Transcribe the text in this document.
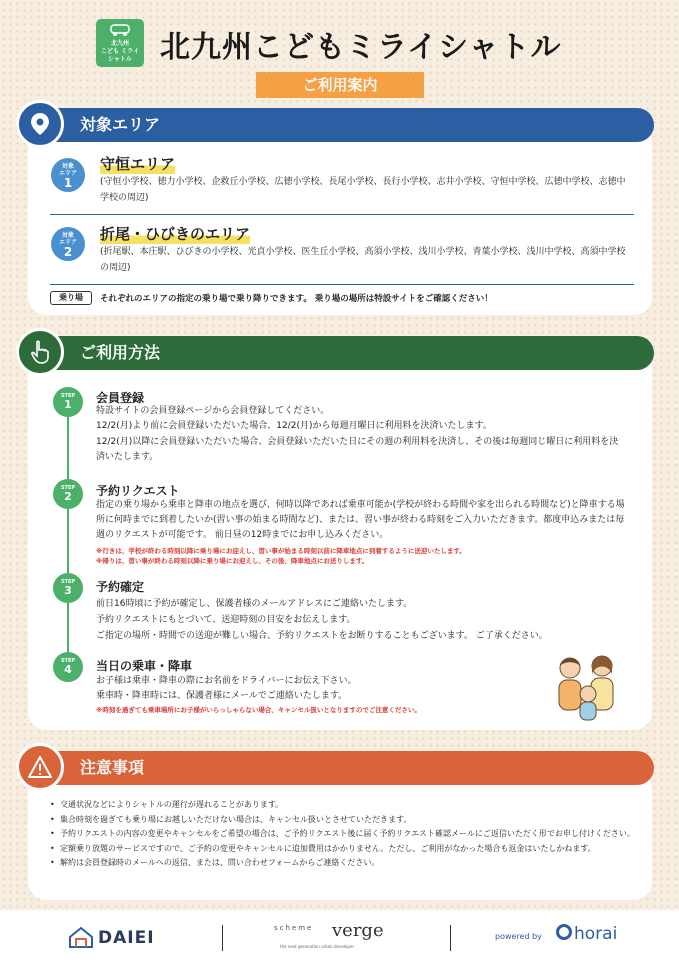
北九州
こども ミライ
シャトル 北九州こどもミライシャトル
ご利用案内
対象エリア
対象
エリア
1
守恒エリア
(守恒小学校、徳力小学校、企救丘小学校、広徳小学校、長尾小学校、長行小学校、志井小学校、守恒中学校、広徳中学校、志徳中学校の周辺)
対象
エリア
2
折尾・ひびきのエリア
(折尾駅、本庄駅、ひびきの小学校、光貞小学校、医生丘小学校、高須小学校、浅川小学校、青葉小学校、浅川中学校、高須中学校の周辺)
乗り場	それぞれのエリアの指定の乗り場で乗り降りできます。 乗り場の場所は特設サイトをご確認ください！
ご利用方法
STEP
1	会員登録
特設サイトの会員登録ページから会員登録してください。
12/2(月)より前に会員登録いただいた場合、12/2(月)から毎週月曜日に利用料を決済いたします。
12/2(月)以降に会員登録いただいた場合、会員登録いただいた日にその週の利用料を決済し、その後は毎週同じ曜日に利用料を決済いたします。
STEP
2	予約リクエスト
指定の乗り場から乗車と降車の地点を選び、何時以降であれば乗車可能か(学校が終わる時間や家を出られる時間など)と降車する場所に何時までに到着したいか(習い事の始まる時間など)、または、習い事が終わる時刻をご入力いただきます。都度申込みまたは毎週のリクエストが可能です。 前日昼の12時までにお申し込みください。
※行きは、学校が終わる時刻以降に乗り場にお迎えし、習い事が始まる時刻以前に降車地点に到着するように送迎いたします。
※帰りは、習い事が終わる時刻以降に乗り場にお迎えし、その後、降車地点にお送りします。
STEP
3	予約確定
前日16時頃に予約が確定し、保護者様のメールアドレスにご連絡いたします。
予約リクエストにもとづいて、送迎時刻の目安をお伝えします。
ご指定の場所・時間での送迎が難しい場合、予約リクエストをお断りすることもございます。 ご了承ください。
STEP
4	当日の乗車・降車
お子様は乗車・降車の際にお名前をドライバーにお伝え下さい。
乗車時・降車時には、保護者様にメールでご連絡いたします。
※時刻を過ぎても乗車場所にお子様がいらっしゃらない場合、キャンセル扱いとなりますのでご注意ください。
注意事項
• 交通状況などによりシャトルの運行が遅れることがあります。
• 集合時刻を過ぎても乗り場にお越しいただけない場合は、キャンセル扱いとさせていただきます。
• 予約リクエストの内容の変更やキャンセルをご希望の場合は、ご予約リクエスト後に届く予約リクエスト確認メールにご返信いただく形でお申し付けください。
• 定額乗り放題のサービスですので、ご予約の変更やキャンセルに追加費用はかかりません。ただし、ご利用がなかった場合も返金はいたしかねます。
• 解約は会員登録時のメールへの返信、または、問い合わせフォームからご連絡ください。
DAIEI	scheme verge
the next generation urban developer
powered by horai
